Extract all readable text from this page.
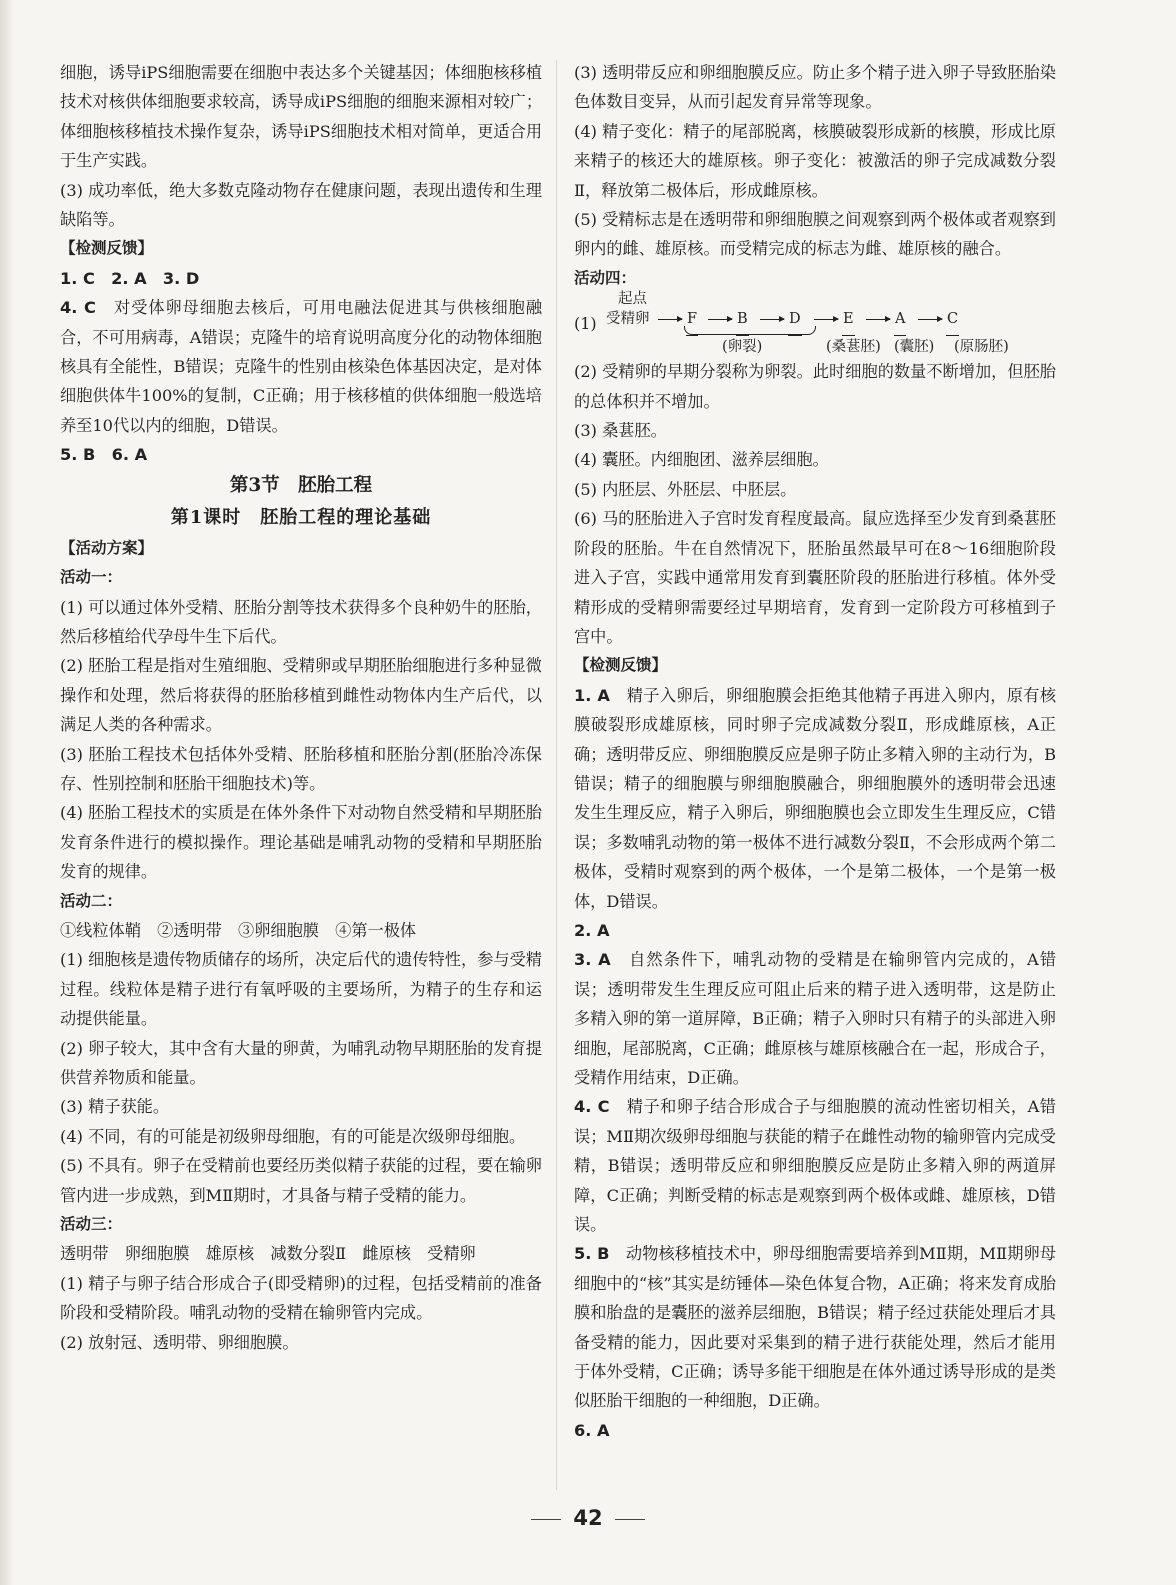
细胞，诱导iPS细胞需要在细胞中表达多个关键基因；体细胞核移植技术对核供体细胞要求较高，诱导成iPS细胞的细胞来源相对较广；体细胞核移植技术操作复杂，诱导iPS细胞技术相对简单，更适合用于生产实践。

(3) 成功率低，绝大多数克隆动物存在健康问题，表现出遗传和生理缺陷等。

【检测反馈】

1. C　2. A　3. D

4. C　 对受体卵母细胞去核后，可用电融法促进其与供核细胞融合，不可用病毒，A错误；克隆牛的培育说明高度分化的动物体细胞核具有全能性，B错误；克隆牛的性别由核染色体基因决定，是对体细胞供体牛100%的复制，C正确；用于核移植的供体细胞一般选培养至10代以内的细胞，D错误。

5. B　6. A

第3节　胚胎工程

第1课时　胚胎工程的理论基础

【活动方案】

活动一：

(1) 可以通过体外受精、胚胎分割等技术获得多个良种奶牛的胚胎，然后移植给代孕母牛生下后代。

(2) 胚胎工程是指对生殖细胞、受精卵或早期胚胎细胞进行多种显微操作和处理，然后将获得的胚胎移植到雌性动物体内生产后代，以满足人类的各种需求。

(3) 胚胎工程技术包括体外受精、胚胎移植和胚胎分割(胚胎冷冻保存、性别控制和胚胎干细胞技术)等。

(4) 胚胎工程技术的实质是在体外条件下对动物自然受精和早期胚胎发育条件进行的模拟操作。理论基础是哺乳动物的受精和早期胚胎发育的规律。

活动二：

①线粒体鞘　②透明带　③卵细胞膜　④第一极体

(1) 细胞核是遗传物质储存的场所，决定后代的遗传特性，参与受精过程。线粒体是精子进行有氧呼吸的主要场所，为精子的生存和运动提供能量。

(2) 卵子较大，其中含有大量的卵黄，为哺乳动物早期胚胎的发育提供营养物质和能量。

(3) 精子获能。

(4) 不同，有的可能是初级卵母细胞，有的可能是次级卵母细胞。

(5) 不具有。卵子在受精前也要经历类似精子获能的过程，要在输卵管内进一步成熟，到MⅡ期时，才具备与精子受精的能力。

活动三：

透明带　卵细胞膜　雄原核　减数分裂Ⅱ　雌原核　受精卵

(1) 精子与卵子结合形成合子(即受精卵)的过程，包括受精前的准备阶段和受精阶段。哺乳动物的受精在输卵管内完成。

(2) 放射冠、透明带、卵细胞膜。

(3) 透明带反应和卵细胞膜反应。防止多个精子进入卵子导致胚胎染色体数目变异，从而引起发育异常等现象。

(4) 精子变化：精子的尾部脱离，核膜破裂形成新的核膜，形成比原来精子的核还大的雄原核。卵子变化：被激活的卵子完成减数分裂Ⅱ，释放第二极体后，形成雌原核。

(5) 受精标志是在透明带和卵细胞膜之间观察到两个极体或者观察到卵内的雌、雄原核。而受精完成的标志为雌、雄原核的融合。

活动四：

起点
(1) 受精卵	F	B	D	E	A	C
(卵裂)	(桑葚胚) (囊胚) (原肠胚)

(2) 受精卵的早期分裂称为卵裂。此时细胞的数量不断增加，但胚胎的总体积并不增加。

(3) 桑葚胚。

(4) 囊胚。内细胞团、滋养层细胞。

(5) 内胚层、外胚层、中胚层。

(6) 马的胚胎进入子宫时发育程度最高。鼠应选择至少发育到桑葚胚阶段的胚胎。牛在自然情况下，胚胎虽然最早可在8～16细胞阶段进入子宫，实践中通常用发育到囊胚阶段的胚胎进行移植。体外受精形成的受精卵需要经过早期培育，发育到一定阶段方可移植到子宫中。

【检测反馈】

1. A　 精子入卵后，卵细胞膜会拒绝其他精子再进入卵内，原有核膜破裂形成雄原核，同时卵子完成减数分裂Ⅱ，形成雌原核，A正确；透明带反应、卵细胞膜反应是卵子防止多精入卵的主动行为，B错误；精子的细胞膜与卵细胞膜融合，卵细胞膜外的透明带会迅速发生生理反应，精子入卵后，卵细胞膜也会立即发生生理反应，C错误；多数哺乳动物的第一极体不进行减数分裂Ⅱ，不会形成两个第二极体，受精时观察到的两个极体，一个是第二极体，一个是第一极体，D错误。

2. A

3. A　 自然条件下，哺乳动物的受精是在输卵管内完成的，A错误；透明带发生生理反应可阻止后来的精子进入透明带，这是防止多精入卵的第一道屏障，B正确；精子入卵时只有精子的头部进入卵细胞，尾部脱离，C正确；雌原核与雄原核融合在一起，形成合子，受精作用结束，D正确。

4. C　 精子和卵子结合形成合子与细胞膜的流动性密切相关，A错误；MⅡ期次级卵母细胞与获能的精子在雌性动物的输卵管内完成受精，B错误；透明带反应和卵细胞膜反应是防止多精入卵的两道屏障，C正确；判断受精的标志是观察到两个极体或雌、雄原核，D错误。

5. B　 动物核移植技术中，卵母细胞需要培养到MⅡ期，MⅡ期卵母细胞中的“核”其实是纺锤体—染色体复合物，A正确；将来发育成胎膜和胎盘的是囊胚的滋养层细胞，B错误；精子经过获能处理后才具备受精的能力，因此要对采集到的精子进行获能处理，然后才能用于体外受精，C正确；诱导多能干细胞是在体外通过诱导形成的是类似胚胎干细胞的一种细胞，D正确。

6. A

42
